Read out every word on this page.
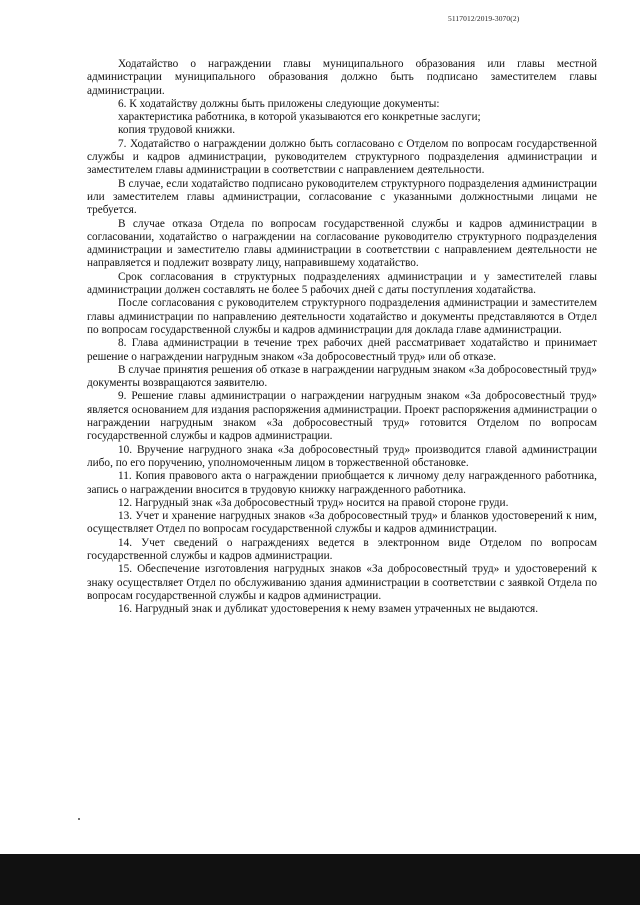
5117012/2019-3070(2)

Ходатайство о награждении главы муниципального образования или главы местной администрации муниципального образования должно быть подписано заместителем главы администрации.

6. К ходатайству должны быть приложены следующие документы:

характеристика работника, в которой указываются его конкретные заслуги;

копия трудовой книжки.

7. Ходатайство о награждении должно быть согласовано с Отделом по вопросам государственной службы и кадров администрации, руководителем структурного подразделения администрации и заместителем главы администрации в соответствии с направлением деятельности.

В случае, если ходатайство подписано руководителем структурного подразделения администрации или заместителем главы администрации, согласование с указанными должностными лицами не требуется.

В случае отказа Отдела по вопросам государственной службы и кадров администрации в согласовании, ходатайство о награждении на согласование руководителю структурного подразделения администрации и заместителю главы администрации в соответствии с направлением деятельности не направляется и подлежит возврату лицу, направившему ходатайство.

Срок согласования в структурных подразделениях администрации и у заместителей главы администрации должен составлять не более 5 рабочих дней с даты поступления ходатайства.

После согласования с руководителем структурного подразделения администрации и заместителем главы администрации по направлению деятельности ходатайство и документы представляются в Отдел по вопросам государственной службы и кадров администрации для доклада главе администрации.

8. Глава администрации в течение трех рабочих дней рассматривает ходатайство и принимает решение о награждении нагрудным знаком «За добросовестный труд» или об отказе.

В случае принятия решения об отказе в награждении нагрудным знаком «За добросовестный труд» документы возвращаются заявителю.

9. Решение главы администрации о награждении нагрудным знаком «За добросовестный труд» является основанием для издания распоряжения администрации. Проект распоряжения администрации о награждении нагрудным знаком «За добросовестный труд» готовится Отделом по вопросам государственной службы и кадров администрации.

10. Вручение нагрудного знака «За добросовестный труд» производится главой администрации либо, по его поручению, уполномоченным лицом в торжественной обстановке.

11. Копия правового акта о награждении приобщается к личному делу награжденного работника, запись о награждении вносится в трудовую книжку награжденного работника.

12. Нагрудный знак «За добросовестный труд» носится на правой стороне груди.

13. Учет и хранение нагрудных знаков «За добросовестный труд» и бланков удостоверений к ним, осуществляет Отдел по вопросам государственной службы и кадров администрации.

14. Учет сведений о награждениях ведется в электронном виде Отделом по вопросам государственной службы и кадров администрации.

15. Обеспечение изготовления нагрудных знаков «За добросовестный труд» и удостоверений к знаку осуществляет Отдел по обслуживанию здания администрации в соответствии с заявкой Отдела по вопросам государственной службы и кадров администрации.

16. Нагрудный знак и дубликат удостоверения к нему взамен утраченных не выдаются.
